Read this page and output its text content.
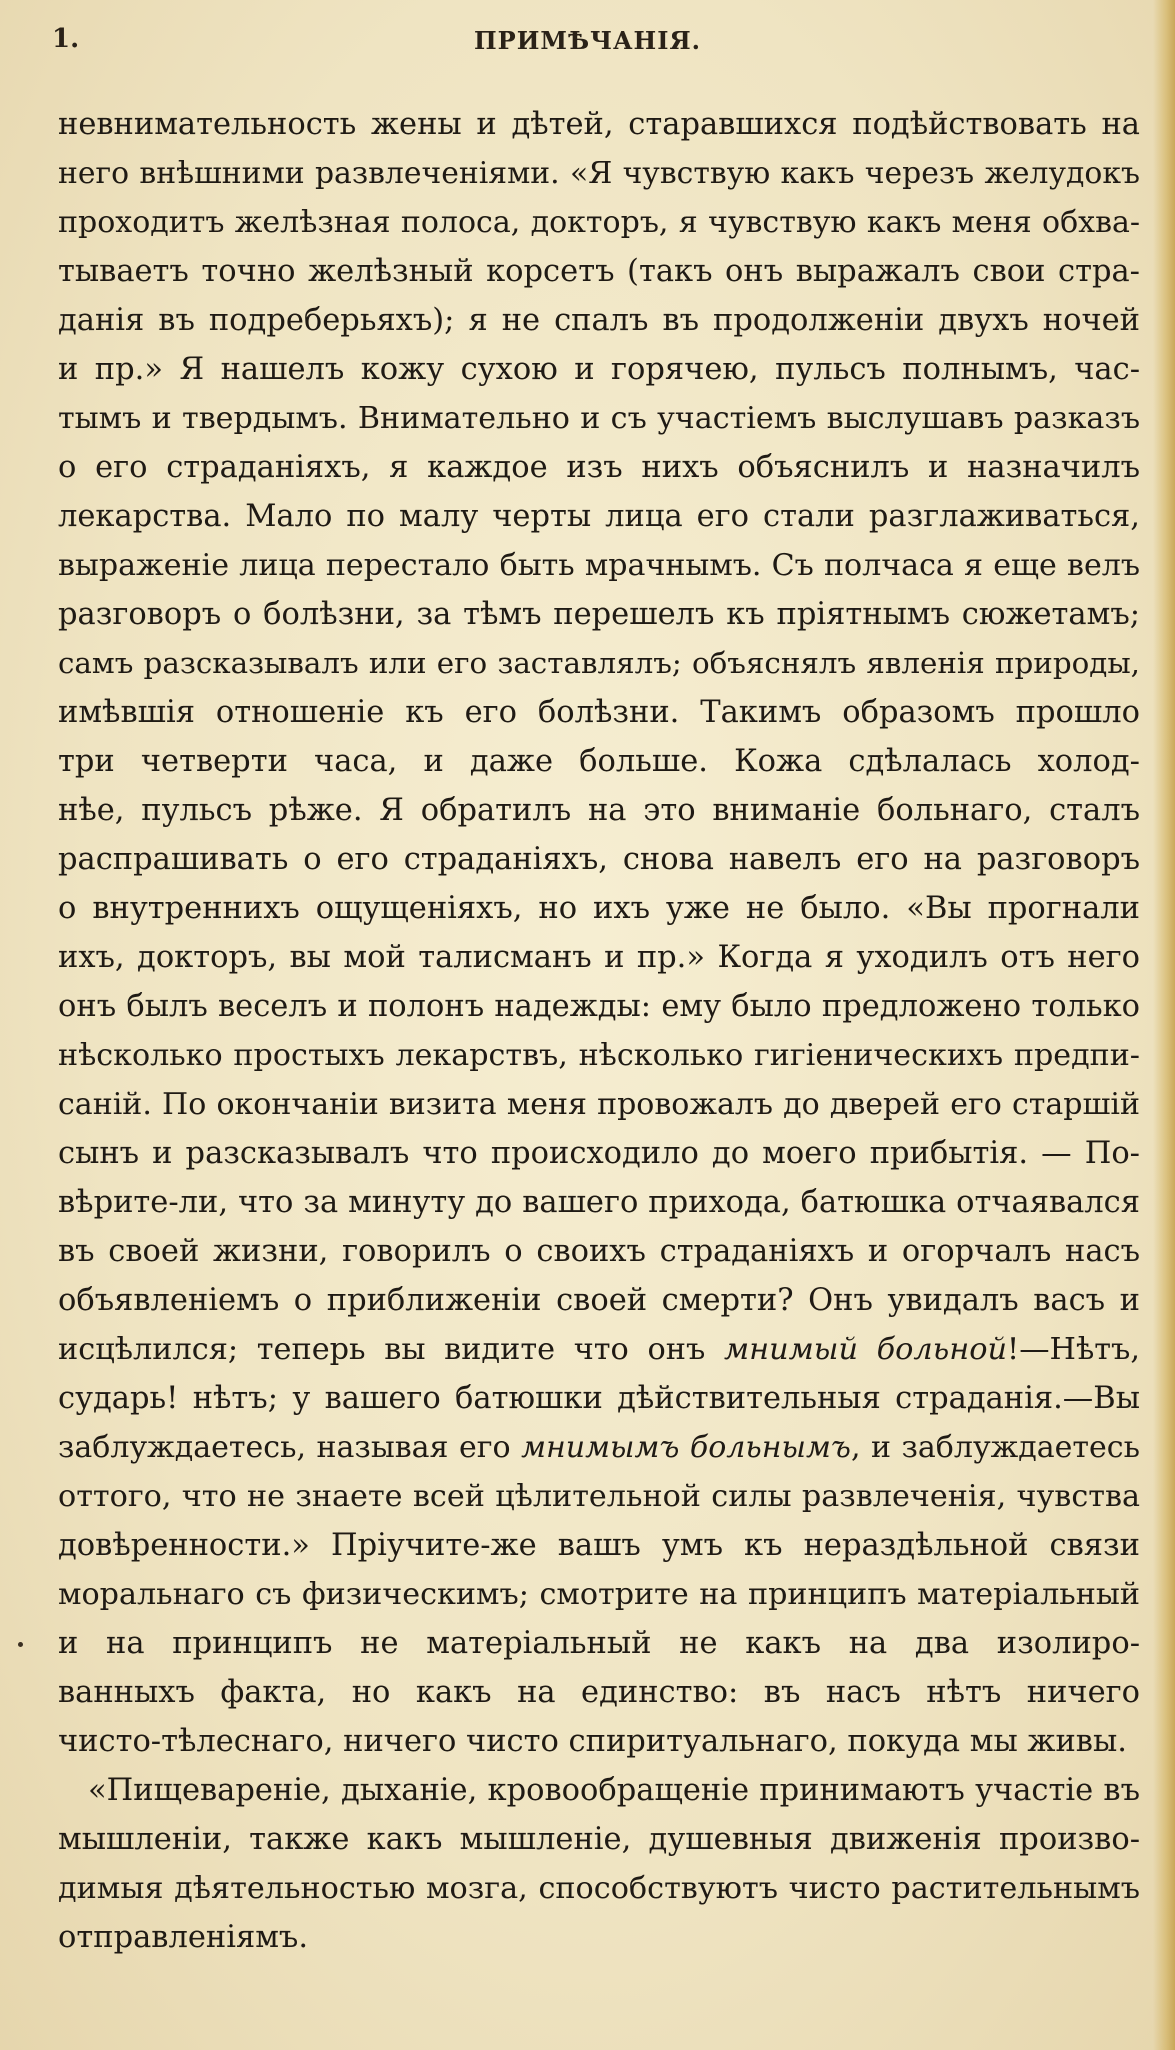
1.	ПРИМѢЧАНІЯ.
невнимательность жены и дѣтей, старавшихся подѣйствовать на
него внѣшними развлеченіями. «Я чувствую какъ черезъ желудокъ
проходитъ желѣзная полоса, докторъ, я чувствую какъ меня обхва-
тываетъ точно желѣзный корсетъ (такъ онъ выражалъ свои стра-
данія въ подреберьяхъ); я не спалъ въ продолженіи двухъ ночей
и пр.» Я нашелъ кожу сухою и горячею, пульсъ полнымъ, час-
тымъ и твердымъ. Внимательно и съ участіемъ выслушавъ разказъ
о его страданіяхъ, я каждое изъ нихъ объяснилъ и назначилъ
лекарства. Мало по малу черты лица его стали разглаживаться,
выраженіе лица перестало быть мрачнымъ. Съ полчаса я еще велъ
разговоръ о болѣзни, за тѣмъ перешелъ къ пріятнымъ сюжетамъ;
самъ разсказывалъ или его заставлялъ; объяснялъ явленія природы,
имѣвшія отношеніе къ его болѣзни. Такимъ образомъ прошло
три четверти часа, и даже больше. Кожа сдѣлалась холод-
нѣе, пульсъ рѣже. Я обратилъ на это вниманіе больнаго, сталъ
распрашивать о его страданіяхъ, снова навелъ его на разговоръ
о внутреннихъ ощущеніяхъ, но ихъ уже не было. «Вы прогнали
ихъ, докторъ, вы мой талисманъ и пр.» Когда я уходилъ отъ него
онъ былъ веселъ и полонъ надежды: ему было предложено только
нѣсколько простыхъ лекарствъ, нѣсколько гигіеническихъ предпи-
саній. По окончаніи визита меня провожалъ до дверей его старшій
сынъ и разсказывалъ что происходило до моего прибытія. — По-
вѣрите-ли, что за минуту до вашего прихода, батюшка отчаявался
въ своей жизни, говорилъ о своихъ страданіяхъ и огорчалъ насъ
объявленіемъ о приближеніи своей смерти? Онъ увидалъ васъ и
исцѣлился; теперь вы видите что онъ мнимый больной!—Нѣтъ,
сударь! нѣтъ; у вашего батюшки дѣйствительныя страданія.—Вы
заблуждаетесь, называя его мнимымъ больнымъ, и заблуждаетесь
оттого, что не знаете всей цѣлительной силы развлеченія, чувства
довѣренности.» Пріучите-же вашъ умъ къ нераздѣльной связи
моральнаго съ физическимъ; смотрите на принципъ матеріальный
и на принципъ не матеріальный не какъ на два изолиро-
ванныхъ факта, но какъ на единство: въ насъ нѣтъ ничего
чисто-тѣлеснаго, ничего чисто спиритуальнаго, покуда мы живы.
«Пищевареніе, дыханіе, кровообращеніе принимаютъ участіе въ
мышленіи, также какъ мышленіе, душевныя движенія произво-
димыя дѣятельностью мозга, способствуютъ чисто растительнымъ
отправленіямъ.
